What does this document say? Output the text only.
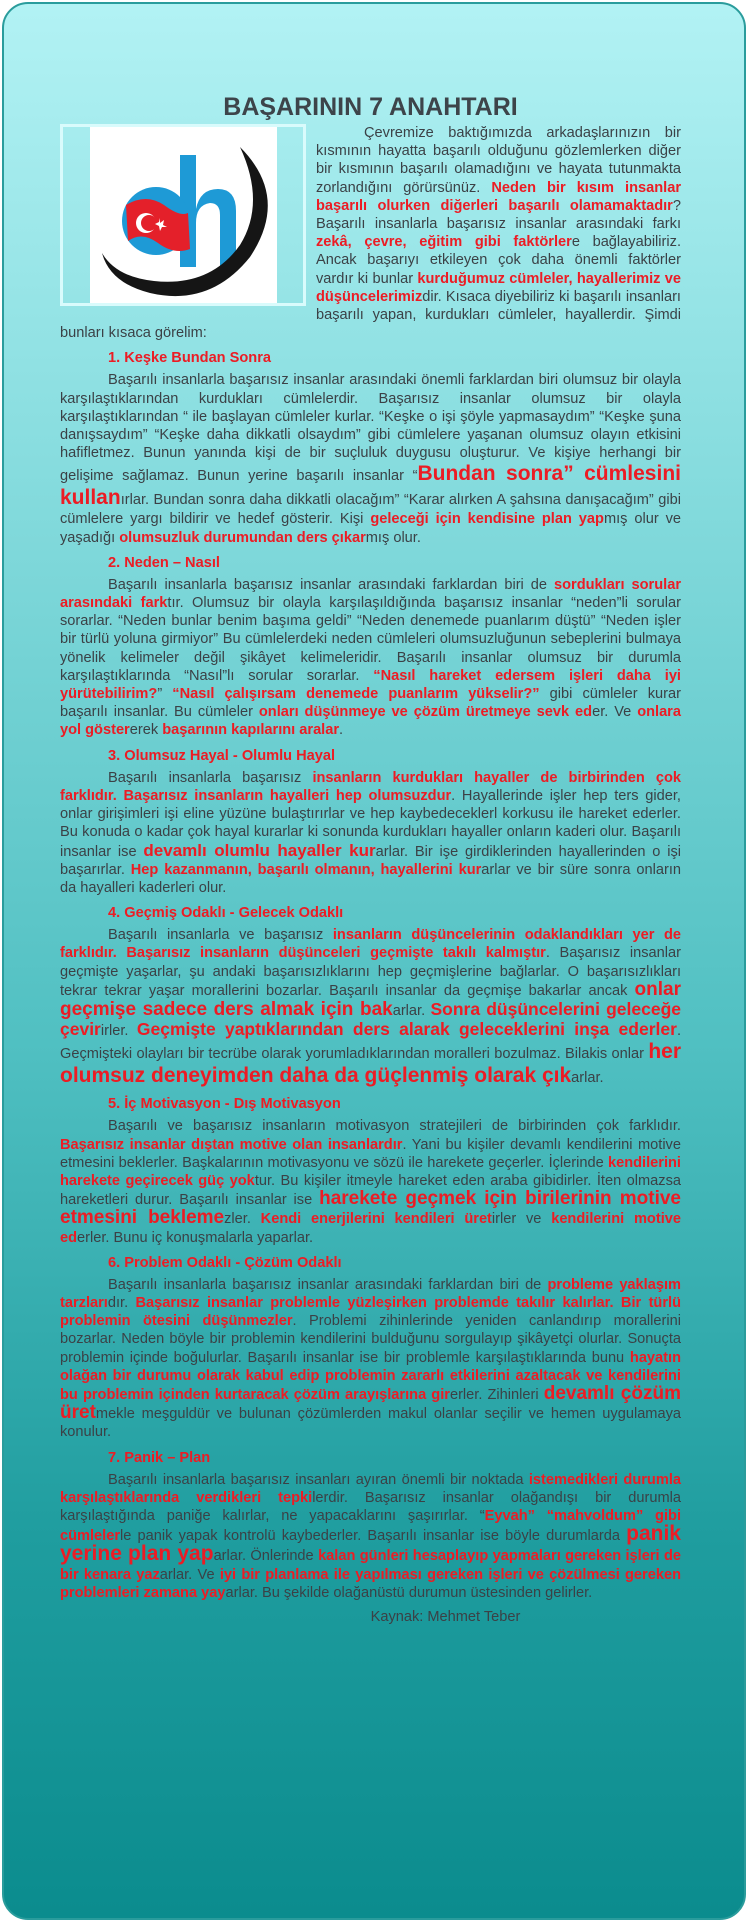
BAŞARININ 7 ANAHTARI

Çevremize baktığımızda arkadaşlarınızın bir kısmının hayatta başarılı olduğunu gözlemlerken diğer bir kısmının başarılı olamadığını ve hayata tutunmakta zorlandığını görürsünüz. Neden bir kısım insanlar başarılı olurken diğerleri başarılı olamamaktadır? Başarılı insanlarla başarısız insanlar arasındaki farkı zekâ, çevre, eğitim gibi faktörlere bağlayabiliriz. Ancak başarıyı etkileyen çok daha önemli faktörler vardır ki bunlar kurduğumuz cümleler, hayallerimiz ve düşüncelerimizdir. Kısaca diyebiliriz ki başarılı insanları başarılı yapan, kurdukları cümleler, hayallerdir. Şimdi bunları kısaca görelim:

1. Keşke Bundan Sonra

Başarılı insanlarla başarısız insanlar arasındaki önemli farklardan biri olumsuz bir olayla karşılaştıklarından kurdukları cümlelerdir. Başarısız insanlar olumsuz bir olayla karşılaştıklarından “ ile başlayan cümleler kurlar. “Keşke o işi şöyle yapmasaydım” “Keşke şuna danışsaydım” “Keşke daha dikkatli olsaydım” gibi cümlelere yaşanan olumsuz olayın etkisini hafifletmez. Bunun yanında kişi de bir suçluluk duygusu oluşturur. Ve kişiye herhangi bir gelişime sağlamaz. Bunun yerine başarılı insanlar “Bundan sonra” cümlesini kullanırlar. Bundan sonra daha dikkatli olacağım” “Karar alırken A şahsına danışacağım” gibi cümlelere yargı bildirir ve hedef gösterir. Kişi geleceği için kendisine plan yapmış olur ve yaşadığı olumsuzluk durumundan ders çıkarmış olur.

2. Neden – Nasıl

Başarılı insanlarla başarısız insanlar arasındaki farklardan biri de sordukları sorular arasındaki farktır. Olumsuz bir olayla karşılaşıldığında başarısız insanlar “neden”li sorular sorarlar. “Neden bunlar benim başıma geldi” “Neden denemede puanlarım düştü” “Neden işler bir türlü yoluna girmiyor” Bu cümlelerdeki neden cümleleri olumsuzluğunun sebeplerini bulmaya yönelik kelimeler değil şikâyet kelimeleridir. Başarılı insanlar olumsuz bir durumla karşılaştıklarında “Nasıl”lı sorular sorarlar. “Nasıl hareket edersem işleri daha iyi yürütebilirim?” “Nasıl çalışırsam denemede puanlarım yükselir?” gibi cümleler kurar başarılı insanlar. Bu cümleler onları düşünmeye ve çözüm üretmeye sevk eder. Ve onlara yol göstererek başarının kapılarını aralar.

3. Olumsuz Hayal - Olumlu Hayal

Başarılı insanlarla başarısız insanların kurdukları hayaller de birbirinden çok farklıdır. Başarısız insanların hayalleri hep olumsuzdur. Hayallerinde işler hep ters gider, onlar girişimleri işi eline yüzüne bulaştırırlar ve hep kaybedeceklerl korkusu ile hareket ederler. Bu konuda o kadar çok hayal kurarlar ki sonunda kurdukları hayaller onların kaderi olur. Başarılı insanlar ise devamlı olumlu hayaller kurarlar. Bir işe girdiklerinden hayallerinden o işi başarırlar. Hep kazanmanın, başarılı olmanın, hayallerini kurarlar ve bir süre sonra onların da hayalleri kaderleri olur.

4. Geçmiş Odaklı - Gelecek Odaklı

Başarılı insanlarla ve başarısız insanların düşüncelerinin odaklandıkları yer de farklıdır. Başarısız insanların düşünceleri geçmişte takılı kalmıştır. Başarısız insanlar geçmişte yaşarlar, şu andaki başarısızlıklarını hep geçmişlerine bağlarlar. O başarısızlıkları tekrar tekrar yaşar morallerini bozarlar. Başarılı insanlar da geçmişe bakarlar ancak onlar geçmişe sadece ders almak için bakarlar. Sonra düşüncelerini geleceğe çevirirler. Geçmişte yaptıklarından ders alarak geleceklerini inşa ederler. Geçmişteki olayları bir tecrübe olarak yorumladıklarından moralleri bozulmaz. Bilakis onlar her olumsuz deneyimden daha da güçlenmiş olarak çıkarlar.

5. İç Motivasyon - Dış Motivasyon

Başarılı ve başarısız insanların motivasyon stratejileri de birbirinden çok farklıdır. Başarısız insanlar dıştan motive olan insanlardır. Yani bu kişiler devamlı kendilerini motive etmesini beklerler. Başkalarının motivasyonu ve sözü ile harekete geçerler. İçlerinde kendilerini harekete geçirecek güç yoktur. Bu kişiler itmeyle hareket eden araba gibidirler. İten olmazsa hareketleri durur. Başarılı insanlar ise harekete geçmek için birilerinin motive etmesini beklemezler. Kendi enerjilerini kendileri üretirler ve kendilerini motive ederler. Bunu iç konuşmalarla yaparlar.

6. Problem Odaklı - Çözüm Odaklı

Başarılı insanlarla başarısız insanlar arasındaki farklardan biri de probleme yaklaşım tarzlarıdır. Başarısız insanlar problemle yüzleşirken problemde takılır kalırlar. Bir türlü problemin ötesini düşünmezler. Problemi zihinlerinde yeniden canlandırıp morallerini bozarlar. Neden böyle bir problemin kendilerini bulduğunu sorgulayıp şikâyetçi olurlar. Sonuçta problemin içinde boğulurlar. Başarılı insanlar ise bir problemle karşılaştıklarında bunu hayatın olağan bir durumu olarak kabul edip problemin zararlı etkilerini azaltacak ve kendilerini bu problemin içinden kurtaracak çözüm arayışlarına girerler. Zihinleri devamlı çözüm üretmekle meşguldür ve bulunan çözümlerden makul olanlar seçilir ve hemen uygulamaya konulur.

7. Panik – Plan

Başarılı insanlarla başarısız insanları ayıran önemli bir noktada istemedikleri durumla karşılaştıklarında verdikleri tepkilerdir. Başarısız insanlar olağandışı bir durumla karşılaştığında paniğe kalırlar, ne yapacaklarını şaşırırlar. “Eyvah” “mahvoldum” gibi cümlelerle panik yapak kontrolü kaybederler. Başarılı insanlar ise böyle durumlarda panik yerine plan yaparlar. Önlerinde kalan günleri hesaplayıp yapmaları gereken işleri de bir kenara yazarlar. Ve iyi bir planlama ile yapılması gereken işleri ve çözülmesi gereken problemleri zamana yayarlar. Bu şekilde olağanüstü durumun üstesinden gelirler.

Kaynak: Mehmet Teber
